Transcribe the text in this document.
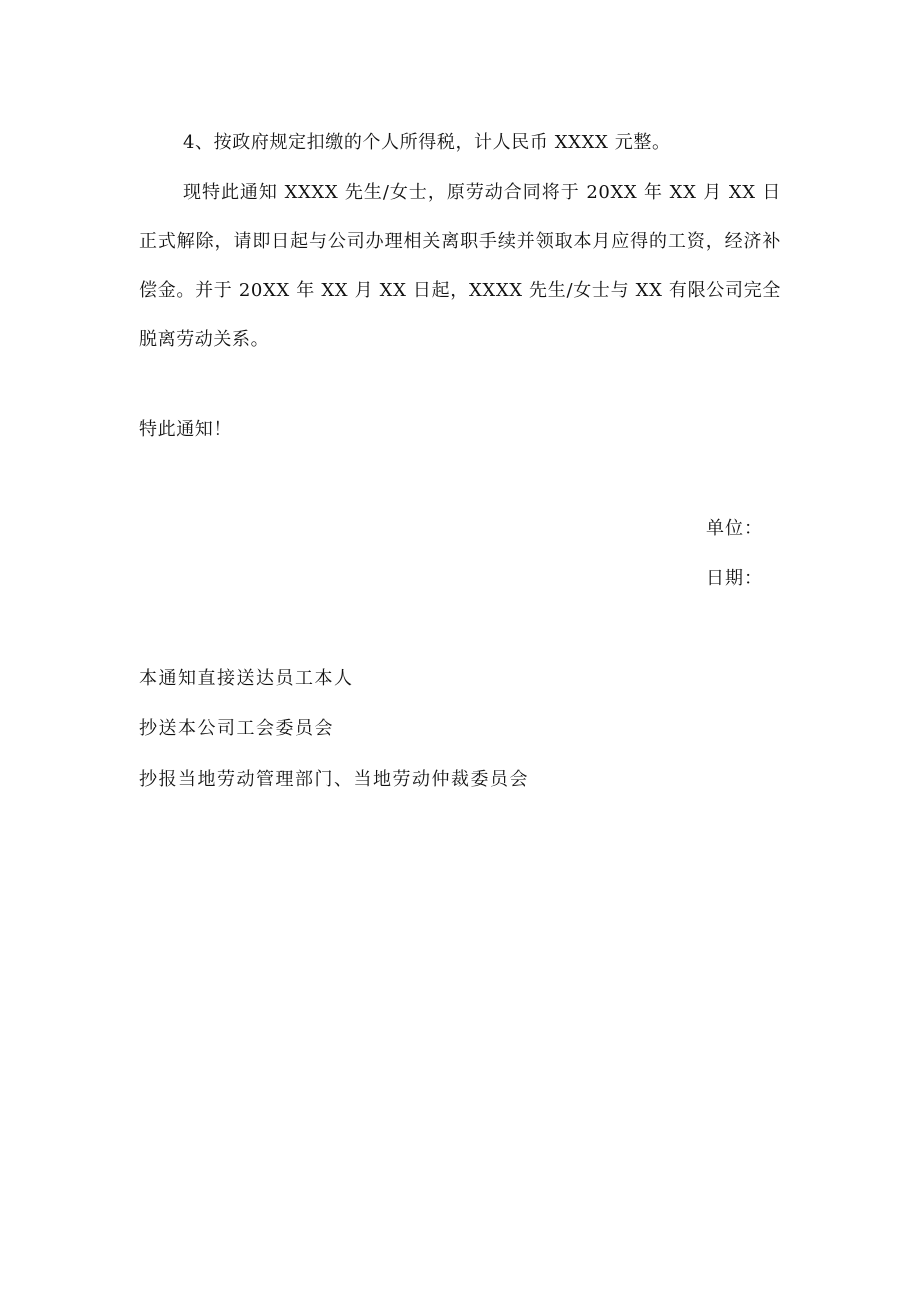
4、按政府规定扣缴的个人所得税，计人民币 XXXX 元整。
现特此通知 XXXX 先生/女士，原劳动合同将于 20XX 年 XX 月 XX 日正式解除，请即日起与公司办理相关离职手续并领取本月应得的工资，经济补偿金。并于 20XX 年 XX 月 XX 日起，XXXX 先生/女士与 XX 有限公司完全脱离劳动关系。
特此通知！
单位：
日期：
本通知直接送达员工本人
抄送本公司工会委员会
抄报当地劳动管理部门、当地劳动仲裁委员会
